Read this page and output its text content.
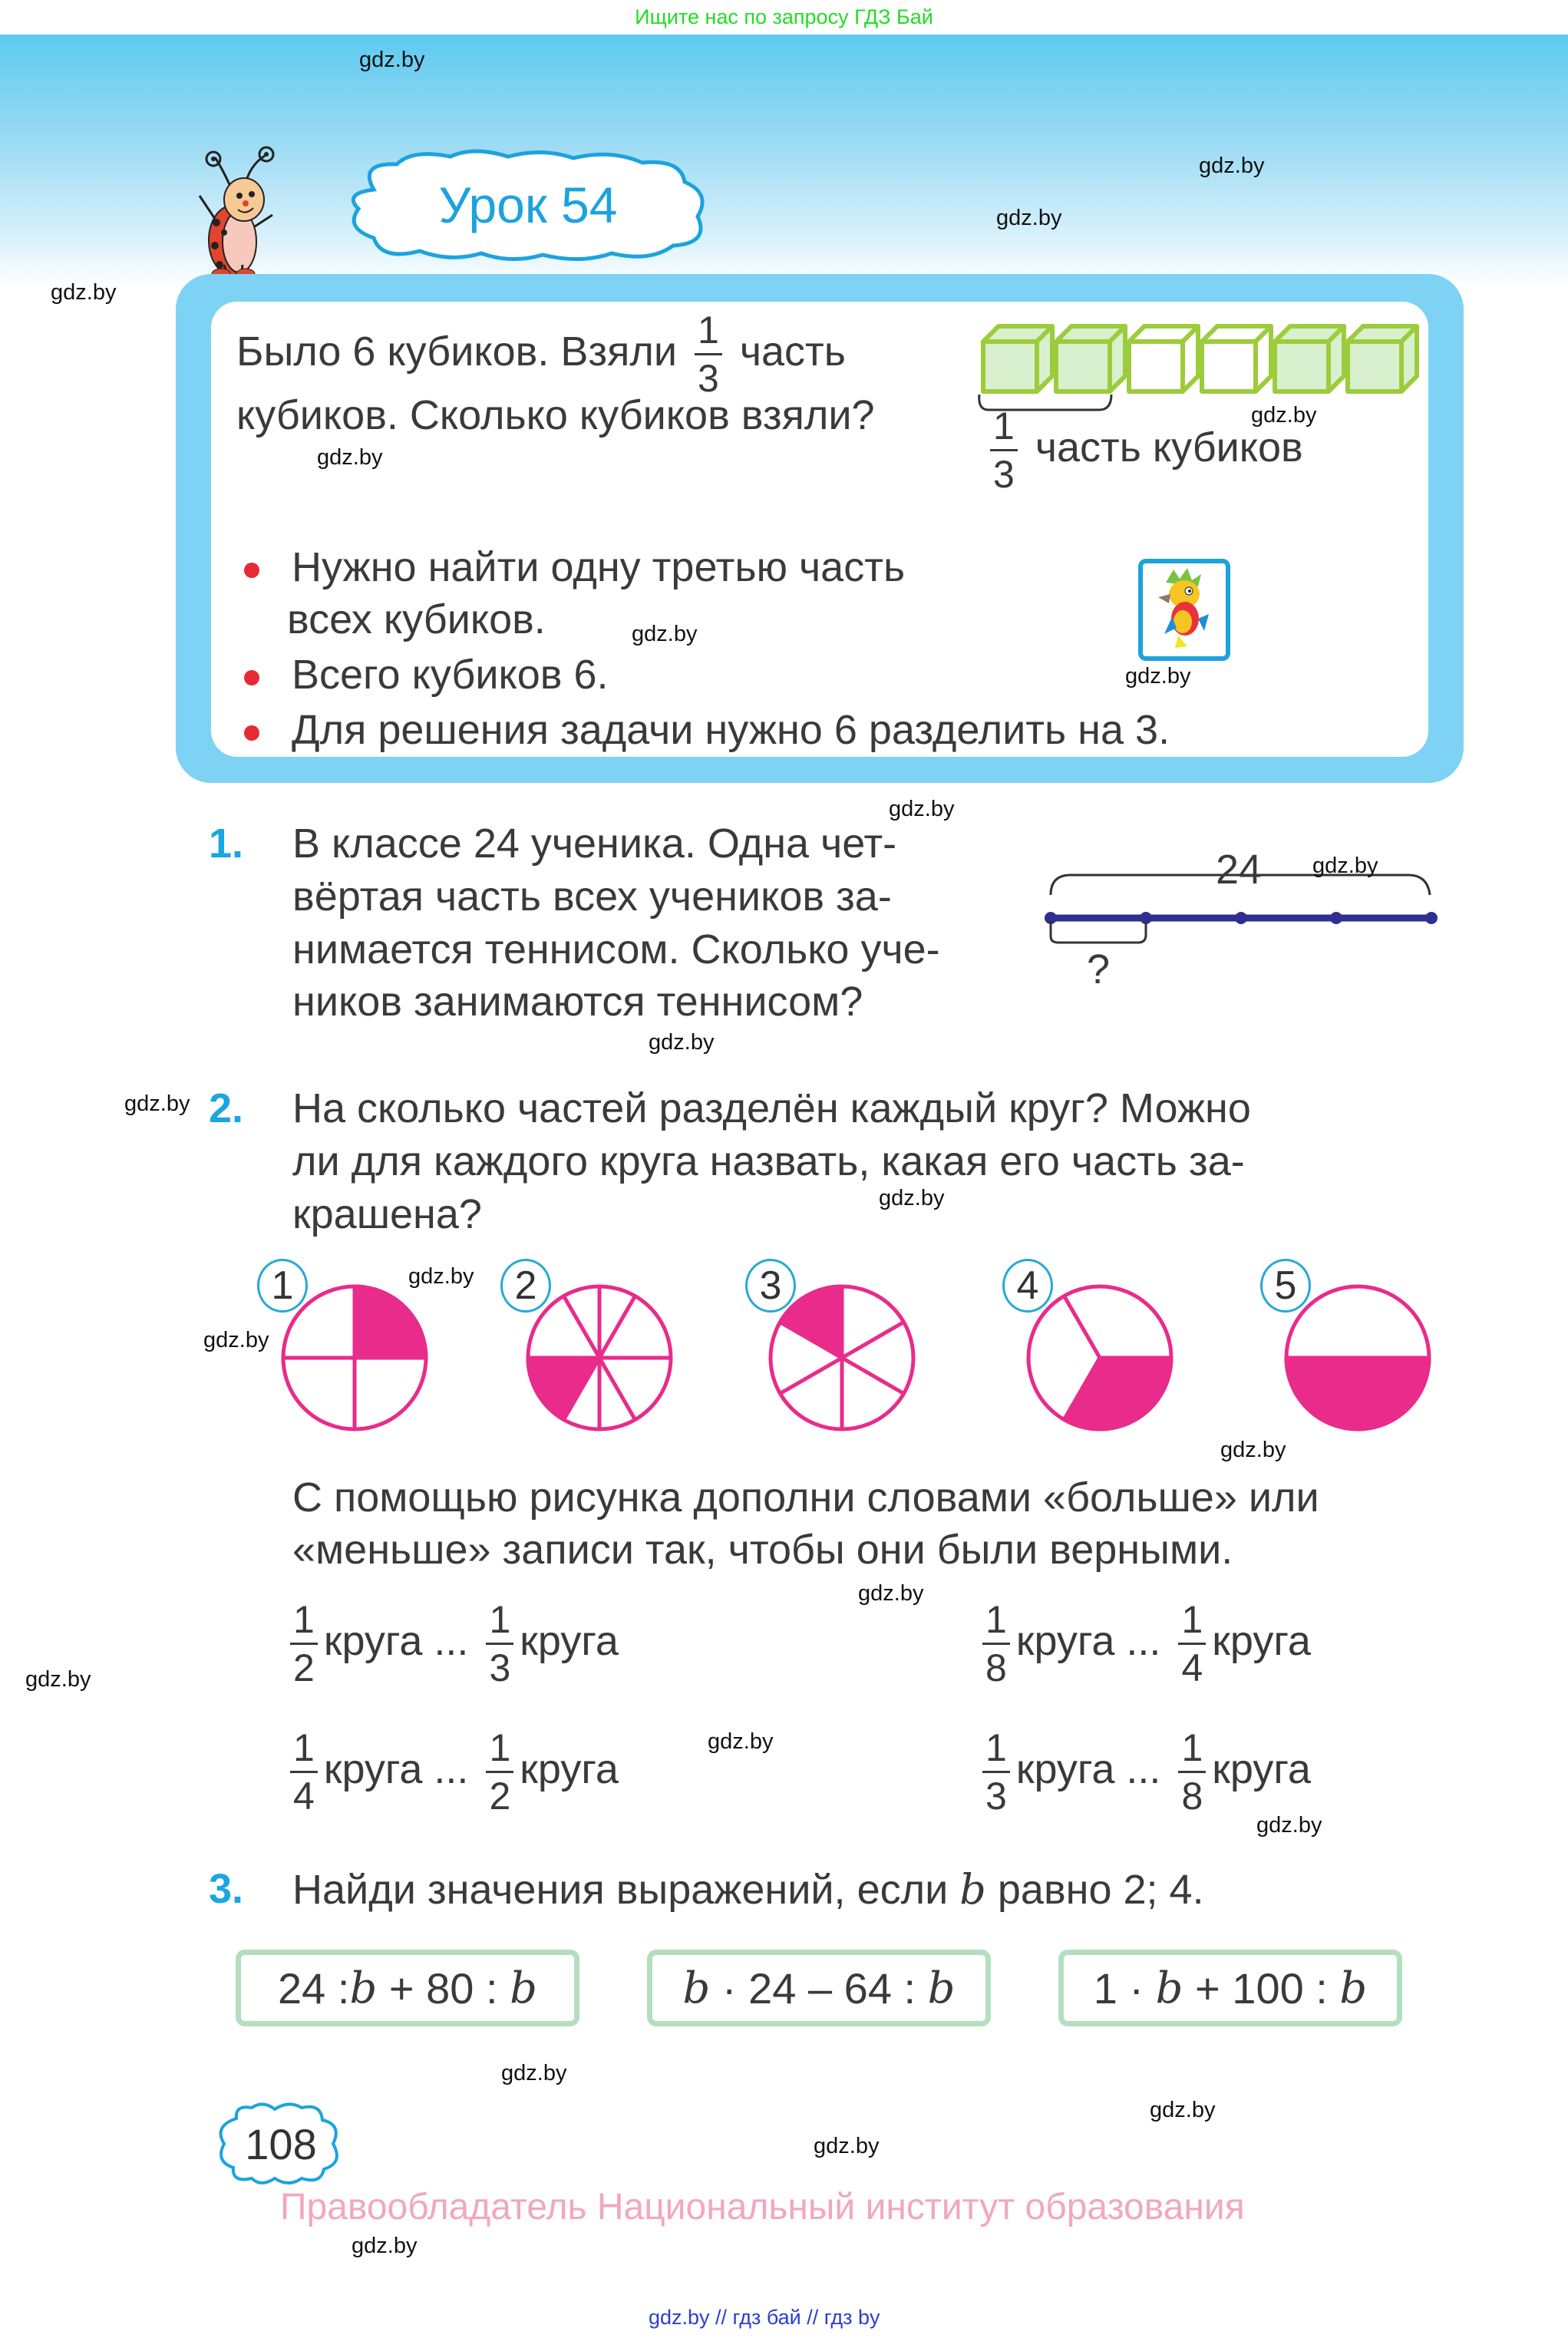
Ищите нас по запросу ГДЗ Бай
gdz.by
gdz.by
gdz.by
gdz.by
Урок 54
Было 6 кубиков. Взяли $\frac{1}{3}$ часть
кубиков. Сколько кубиков взяли?
gdz.by
gdz.by
$\frac{1}{3}$ часть кубиков
Нужно найти одну третью часть
всех кубиков.	gdz.by
Всего кубиков 6.
Для решения задачи нужно 6 разделить на 3.
gdz.by
gdz.by
1. В классе 24 ученика. Одна чет-
вёртая часть всех учеников за-
нимается теннисом. Сколько уче-
ников занимаются теннисом?
gdz.by
24 gdz.by
?
gdz.by 2. На сколько частей разделён каждый круг? Можно
ли для каждого круга назвать, какая его часть за-
крашена?	gdz.by
1	2	3	4	5
gdz.by
gdz.by
gdz.by
С помощью рисунка дополни словами «больше» или
«меньше» записи так, чтобы они были верными.
gdz.by
$\frac{1}{2}$ круга ... $\frac{1}{3}$ круга	$\frac{1}{8}$ круга ... $\frac{1}{4}$ круга
$\frac{1}{4}$ круга ... $\frac{1}{2}$ круга	$\frac{1}{3}$ круга ... $\frac{1}{8}$ круга
gdz.by
gdz.by
gdz.by
3. Найди значения выражений, если b равно 2; 4.
24 : b + 80 : b	b · 24 – 64 : b	1 · b + 100 : b
gdz.by
gdz.by
gdz.by
108
Правообладатель Национальный институт образования
gdz.by
gdz.by // гдз бай // гдз by
